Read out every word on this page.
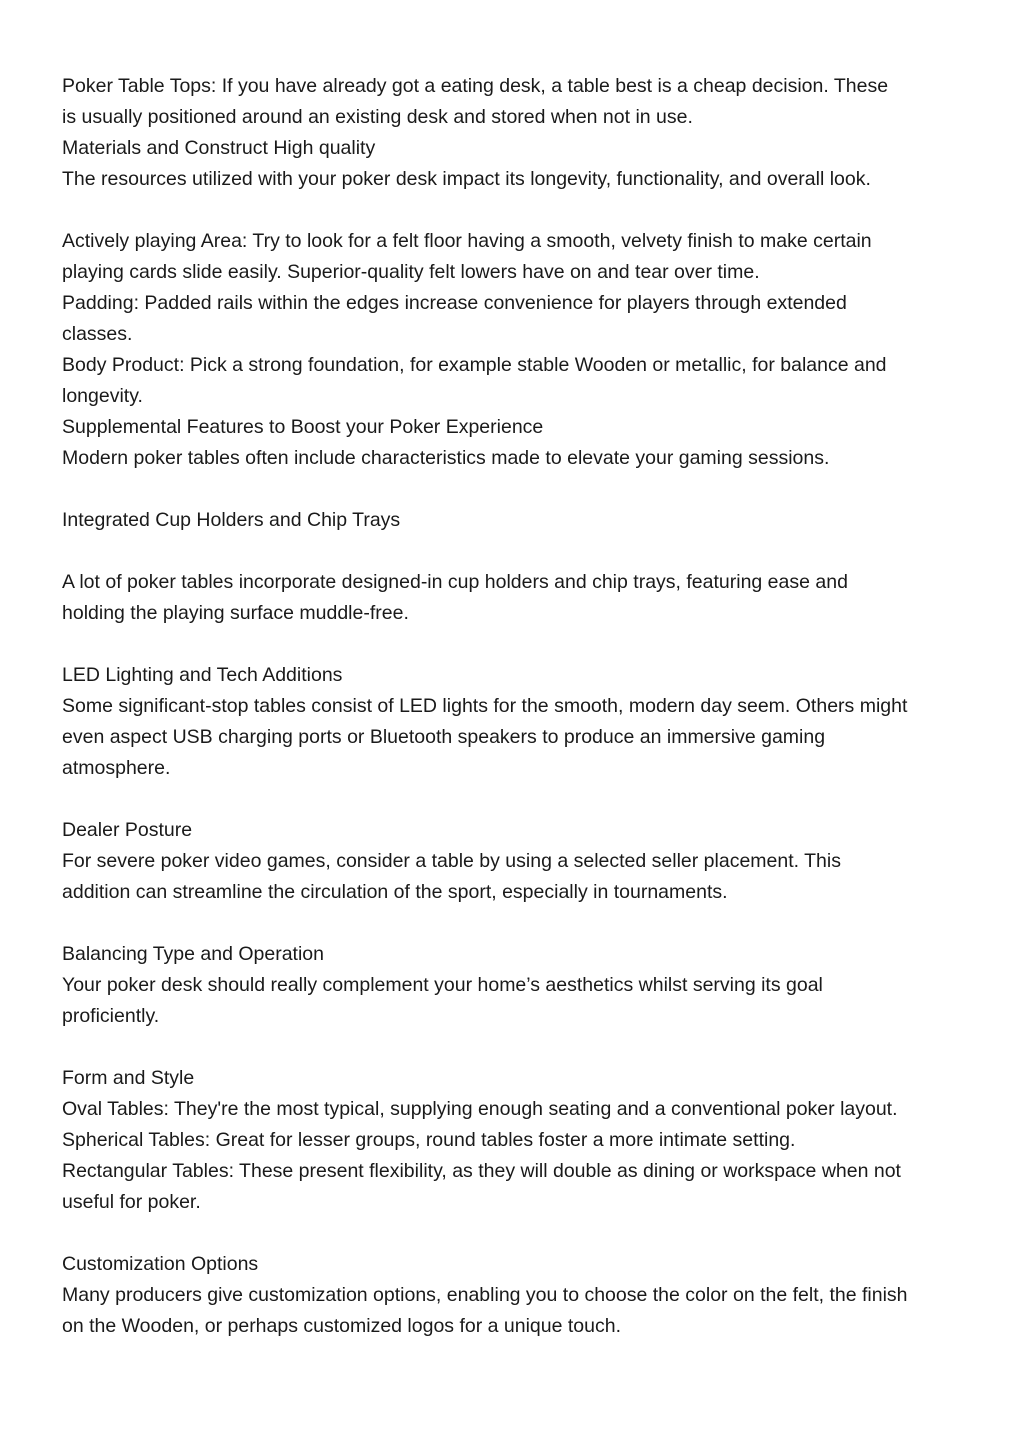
Poker Table Tops: If you have already got a eating desk, a table best is a cheap decision. These
is usually positioned around an existing desk and stored when not in use.
Materials and Construct High quality
The resources utilized with your poker desk impact its longevity, functionality, and overall look.
Actively playing Area: Try to look for a felt floor having a smooth, velvety finish to make certain
playing cards slide easily. Superior-quality felt lowers have on and tear over time.
Padding: Padded rails within the edges increase convenience for players through extended
classes.
Body Product: Pick a strong foundation, for example stable Wooden or metallic, for balance and
longevity.
Supplemental Features to Boost your Poker Experience
Modern poker tables often include characteristics made to elevate your gaming sessions.
Integrated Cup Holders and Chip Trays
A lot of poker tables incorporate designed-in cup holders and chip trays, featuring ease and
holding the playing surface muddle-free.
LED Lighting and Tech Additions
Some significant-stop tables consist of LED lights for the smooth, modern day seem. Others might
even aspect USB charging ports or Bluetooth speakers to produce an immersive gaming
atmosphere.
Dealer Posture
For severe poker video games, consider a table by using a selected seller placement. This
addition can streamline the circulation of the sport, especially in tournaments.
Balancing Type and Operation
Your poker desk should really complement your home’s aesthetics whilst serving its goal
proficiently.
Form and Style
Oval Tables: They're the most typical, supplying enough seating and a conventional poker layout.
Spherical Tables: Great for lesser groups, round tables foster a more intimate setting.
Rectangular Tables: These present flexibility, as they will double as dining or workspace when not
useful for poker.
Customization Options
Many producers give customization options, enabling you to choose the color on the felt, the finish
on the Wooden, or perhaps customized logos for a unique touch.
